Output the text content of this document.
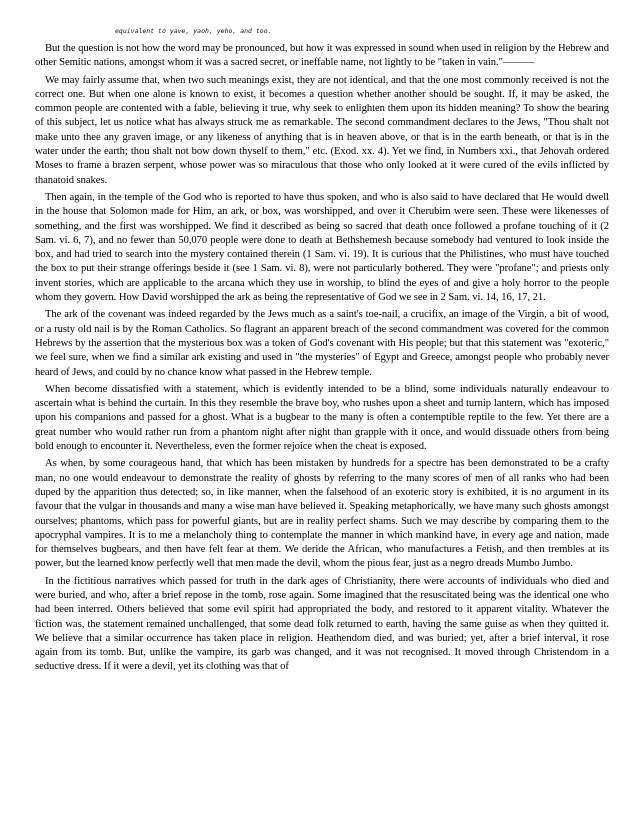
equivalent to yave, yaoh, yeho, and too.

But the question is not how the word may be pronounced, but how it was expressed in sound when used in religion by the Hebrew and other Semitic nations, amongst whom it was a sacred secret, or ineffable name, not lightly to be "taken in vain."———

We may fairly assume that, when two such meanings exist, they are not identical, and that the one most commonly received is not the correct one. But when one alone is known to exist, it becomes a question whether another should be sought. If, it may be asked, the common people are contented with a fable, believing it true, why seek to enlighten them upon its hidden meaning? To show the bearing of this subject, let us notice what has always struck me as remarkable. The second commandment declares to the Jews, "Thou shalt not make unto thee any graven image, or any likeness of anything that is in heaven above, or that is in the earth beneath, or that is in the water under the earth; thou shalt not bow down thyself to them," etc. (Exod. xx. 4). Yet we find, in Numbers xxi., that Jehovah ordered Moses to frame a brazen serpent, whose power was so miraculous that those who only looked at it were cured of the evils inflicted by thanatoid snakes.

Then again, in the temple of the God who is reported to have thus spoken, and who is also said to have declared that He would dwell in the house that Solomon made for Him, an ark, or box, was worshipped, and over it Cherubim were seen. These were likenesses of something, and the first was worshipped. We find it described as being so sacred that death once followed a profane touching of it (2 Sam. vi. 6, 7), and no fewer than 50,070 people were done to death at Bethshemesh because somebody had ventured to look inside the box, and had tried to search into the mystery contained therein (1 Sam. vi. 19). It is curious that the Philistines, who must have touched the box to put their strange offerings beside it (see 1 Sam. vi. 8), were not particularly bothered. They were "profane"; and priests only invent stories, which are applicable to the arcana which they use in worship, to blind the eyes of and give a holy horror to the people whom they govern. How David worshipped the ark as being the representative of God we see in 2 Sam. vi. 14, 16, 17, 21.

The ark of the covenant was indeed regarded by the Jews much as a saint's toe-nail, a crucifix, an image of the Virgin, a bit of wood, or a rusty old nail is by the Roman Catholics. So flagrant an apparent breach of the second commandment was covered for the common Hebrews by the assertion that the mysterious box was a token of God's covenant with His people; but that this statement was "exoteric," we feel sure, when we find a similar ark existing and used in "the mysteries" of Egypt and Greece, amongst people who probably never heard of Jews, and could by no chance know what passed in the Hebrew temple.

When become dissatisfied with a statement, which is evidently intended to be a blind, some individuals naturally endeavour to ascertain what is behind the curtain. In this they resemble the brave boy, who rushes upon a sheet and turnip lantern, which has imposed upon his companions and passed for a ghost. What is a bugbear to the many is often a contemptible reptile to the few. Yet there are a great number who would rather run from a phantom night after night than grapple with it once, and would dissuade others from being bold enough to encounter it. Nevertheless, even the former rejoice when the cheat is exposed.

As when, by some courageous hand, that which has been mistaken by hundreds for a spectre has been demonstrated to be a crafty man, no one would endeavour to demonstrate the reality of ghosts by referring to the many scores of men of all ranks who had been duped by the apparition thus detected; so, in like manner, when the falsehood of an exoteric story is exhibited, it is no argument in its favour that the vulgar in thousands and many a wise man have believed it. Speaking metaphorically, we have many such ghosts amongst ourselves; phantoms, which pass for powerful giants, but are in reality perfect shams. Such we may describe by comparing them to the apocryphal vampires. It is to me a melancholy thing to contemplate the manner in which mankind have, in every age and nation, made for themselves bugbears, and then have felt fear at them. We deride the African, who manufactures a Fetish, and then trembles at its power, but the learned know perfectly well that men made the devil, whom the pious fear, just as a negro dreads Mumbo Jumbo.

In the fictitious narratives which passed for truth in the dark ages of Christianity, there were accounts of individuals who died and were buried, and who, after a brief repose in the tomb, rose again. Some imagined that the resuscitated being was the identical one who had been interred. Others believed that some evil spirit had appropriated the body, and restored to it apparent vitality. Whatever the fiction was, the statement remained unchallenged, that some dead folk returned to earth, having the same guise as when they quitted it. We believe that a similar occurrence has taken place in religion. Heathendom died, and was buried; yet, after a brief interval, it rose again from its tomb. But, unlike the vampire, its garb was changed, and it was not recognised. It moved through Christendom in a seductive dress. If it were a devil, yet its clothing was that of
